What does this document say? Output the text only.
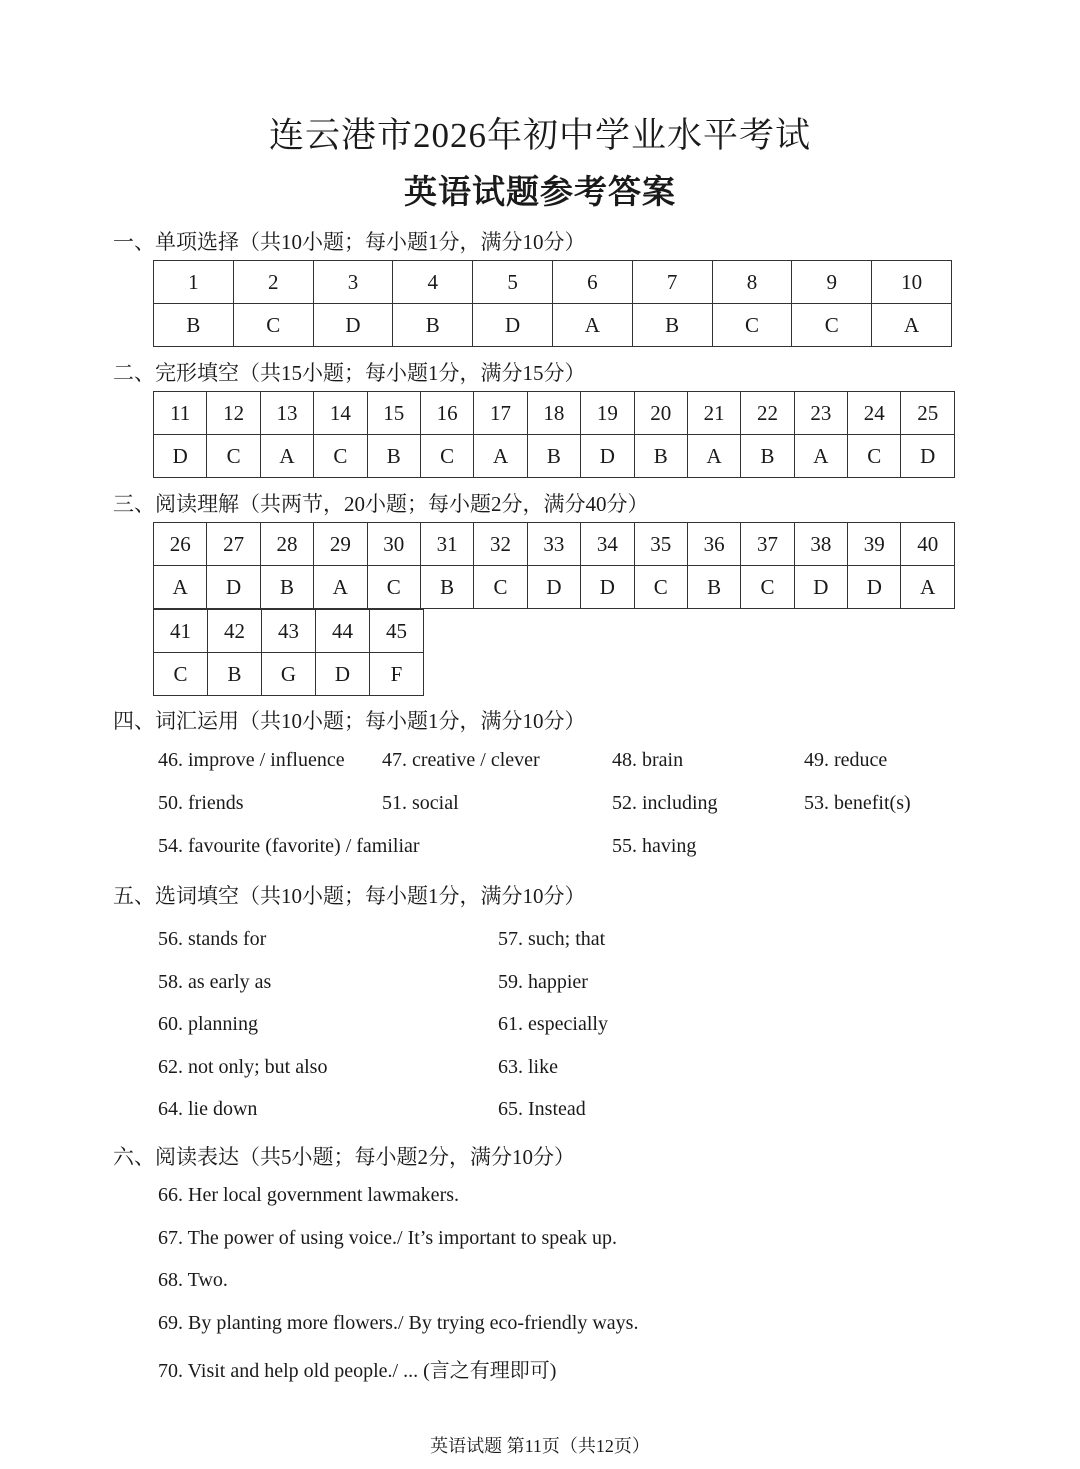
连云港市2026年初中学业水平考试
英语试题参考答案
一、单项选择（共10小题；每小题1分，满分10分）
1	2	3	4	5	6	7	8	9	10
B	C	D	B	D	A	B	C	C	A
二、完形填空（共15小题；每小题1分，满分15分）
11	12	13	14	15	16	17	18	19	20	21	22	23	24	25
D	C	A	C	B	C	A	B	D	B	A	B	A	C	D
三、阅读理解（共两节，20小题；每小题2分，满分40分）
26	27	28	29	30	31	32	33	34	35	36	37	38	39	40
A	D	B	A	C	B	C	D	D	C	B	C	D	D	A
41	42	43	44	45
C	B	G	D	F
四、词汇运用（共10小题；每小题1分，满分10分）
46. improve / influence 47. creative / clever	48. brain	49. reduce
50. friends	51. social	52. including	53. benefit(s)
54. favourite (favorite) / familiar	55. having
五、选词填空（共10小题；每小题1分，满分10分）
56. stands for	57. such; that
58. as early as	59. happier
60. planning	61. especially
62. not only; but also	63. like
64. lie down	65. Instead
六、阅读表达（共5小题；每小题2分，满分10分）
66. Her local government lawmakers.
67. The power of using voice./ It’s important to speak up.
68. Two.
69. By planting more flowers./ By trying eco-friendly ways.
70. Visit and help old people./ ... (言之有理即可)
英语试题 第11页（共12页）
